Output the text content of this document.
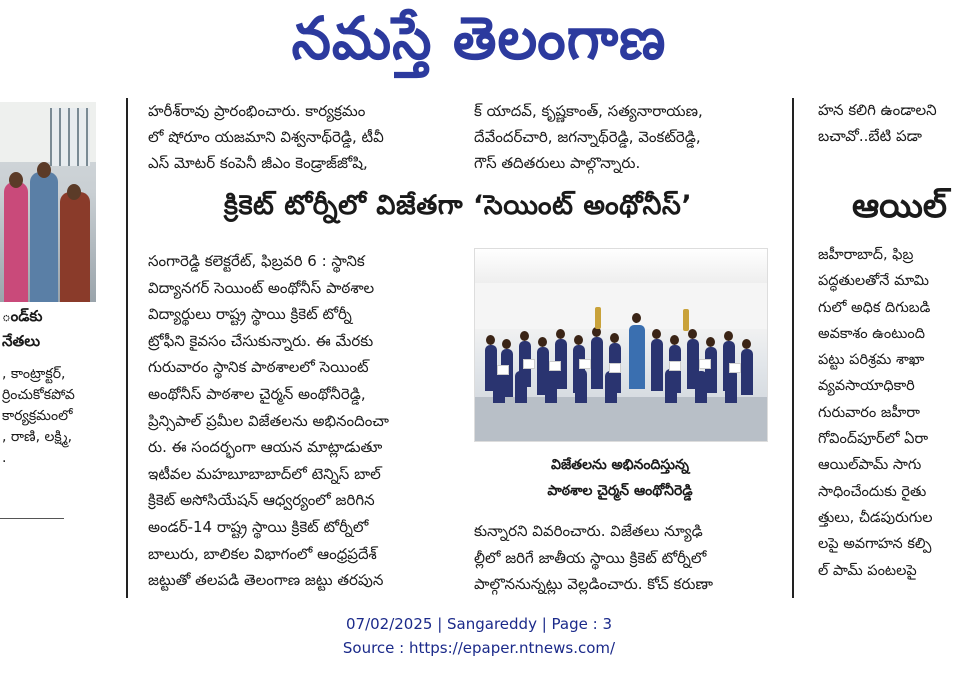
నమస్తే తెలంగాణ
ండ్‌కు
నేతలు
, కాంట్రాక్టర్‌,
ర్రించుకోకపోవ
కార్యక్రమంలో
, రాణి, లక్ష్మి,
.
హరీశ్‌రావు ప్రారంభించారు. కార్యక్రమం
లో షోరూం యజమాని విశ్వనాథ్‌రెడ్డి, టీవీ
ఎస్‌ మోటర్‌ కంపెనీ జీఎం కెండ్రాజ్‌జోషి,
క్‌ యాదవ్‌, కృష్ణకాంత్‌, సత్యనారాయణ,
దేవేందర్‌చారి, జగన్నాథ్‌రెడ్డి, వెంకట్‌రెడ్డి,
గౌస్‌ తదితరులు పాల్గొన్నారు.
క్రికెట్‌ టోర్నీలో విజేతగా ‘సెయింట్‌ అంథోనీస్‌’
సంగారెడ్డి కలెక్టరేట్‌, ఫిబ్రవరి 6 : స్థానిక
విద్యానగర్‌ సెయింట్‌ అంథోనీస్‌ పాఠశాల
విద్యార్థులు రాష్ట్ర స్థాయి క్రికెట్‌ టోర్నీ
ట్రోఫీని కైవసం చేసుకున్నారు. ఈ మేరకు
గురువారం స్థానిక పాఠశాలలో సెయింట్‌
అంథోనీస్‌ పాఠశాల చైర్మన్‌ అంథోనీరెడ్డి,
ప్రిన్సిపాల్‌ ప్రమీల విజేతలను అభినందించా
రు. ఈ సందర్భంగా ఆయన మాట్లాడుతూ
ఇటీవల మహబూబాబాద్‌లో టెన్నిస్‌ బాల్‌
క్రికెట్‌ అసోసియేషన్‌ ఆధ్వర్యంలో జరిగిన
అండర్‌-14 రాష్ట్ర స్థాయి క్రికెట్‌ టోర్నీలో
బాలురు, బాలికల విభాగంలో ఆంధ్రప్రదేశ్‌
జట్టుతో తలపడి తెలంగాణ జట్టు తరపున
విజేతలను అభినందిస్తున్న
పాఠశాల చైర్మన్‌ ఆంథోనీరెడ్డి
కున్నారని వివరించారు. విజేతలు న్యూఢి
ల్లీలో జరిగే జాతీయ స్థాయి క్రికెట్‌ టోర్నీలో
పాల్గొననున్నట్లు వెల్లడించారు. కోచ్‌ కరుణా
హన కలిగి ఉండాలని
బచావో..బేటి పడా
ఆయిల్
జహీరాబాద్‌, ఫిబ్ర
పద్ధతులతోనే మామి
గులో అధిక దిగుబడి
అవకాశం ఉంటుంది
పట్టు పరిశ్రమ శాఖా
వ్యవసాయాధికారి
గురువారం జహీరా
గోవింద్‌పూర్‌లో ఏరా
ఆయిల్‌పామ్‌ సాగు
సాధించేందుకు రైతు
త్తులు, చీడపురుగుల
లపై అవగాహన కల్పి
ల్‌ పామ్‌ పంటలపై
07/02/2025 | Sangareddy | Page : 3
Source : https://epaper.ntnews.com/
